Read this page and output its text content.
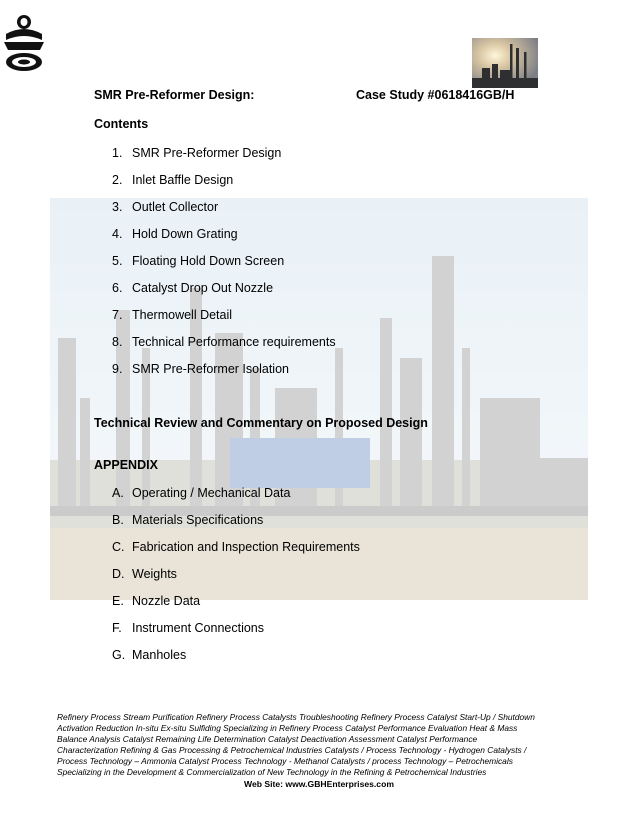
SMR Pre-Reformer Design:	Case Study #0618416GB/H
Contents
1. SMR Pre-Reformer Design
2. Inlet Baffle Design
3. Outlet Collector
4. Hold Down Grating
5. Floating Hold Down Screen
6. Catalyst Drop Out Nozzle
7. Thermowell Detail
8. Technical Performance requirements
9. SMR Pre-Reformer Isolation
Technical Review and Commentary on Proposed Design
APPENDIX
A. Operating / Mechanical Data
B. Materials Specifications
C. Fabrication and Inspection Requirements
D. Weights
E. Nozzle Data
F. Instrument Connections
G. Manholes
Refinery Process Stream Purification Refinery Process Catalysts Troubleshooting Refinery Process Catalyst Start-Up / Shutdown
Activation Reduction In-situ Ex-situ Sulfiding Specializing in Refinery Process Catalyst Performance Evaluation Heat & Mass
Balance Analysis Catalyst Remaining Life Determination Catalyst Deactivation Assessment Catalyst Performance
Characterization Refining & Gas Processing & Petrochemical Industries Catalysts / Process Technology - Hydrogen Catalysts /
Process Technology – Ammonia Catalyst Process Technology - Methanol Catalysts / process Technology – Petrochemicals
Specializing in the Development & Commercialization of New Technology in the Refining & Petrochemical Industries
Web Site: www.GBHEnterprises.com
